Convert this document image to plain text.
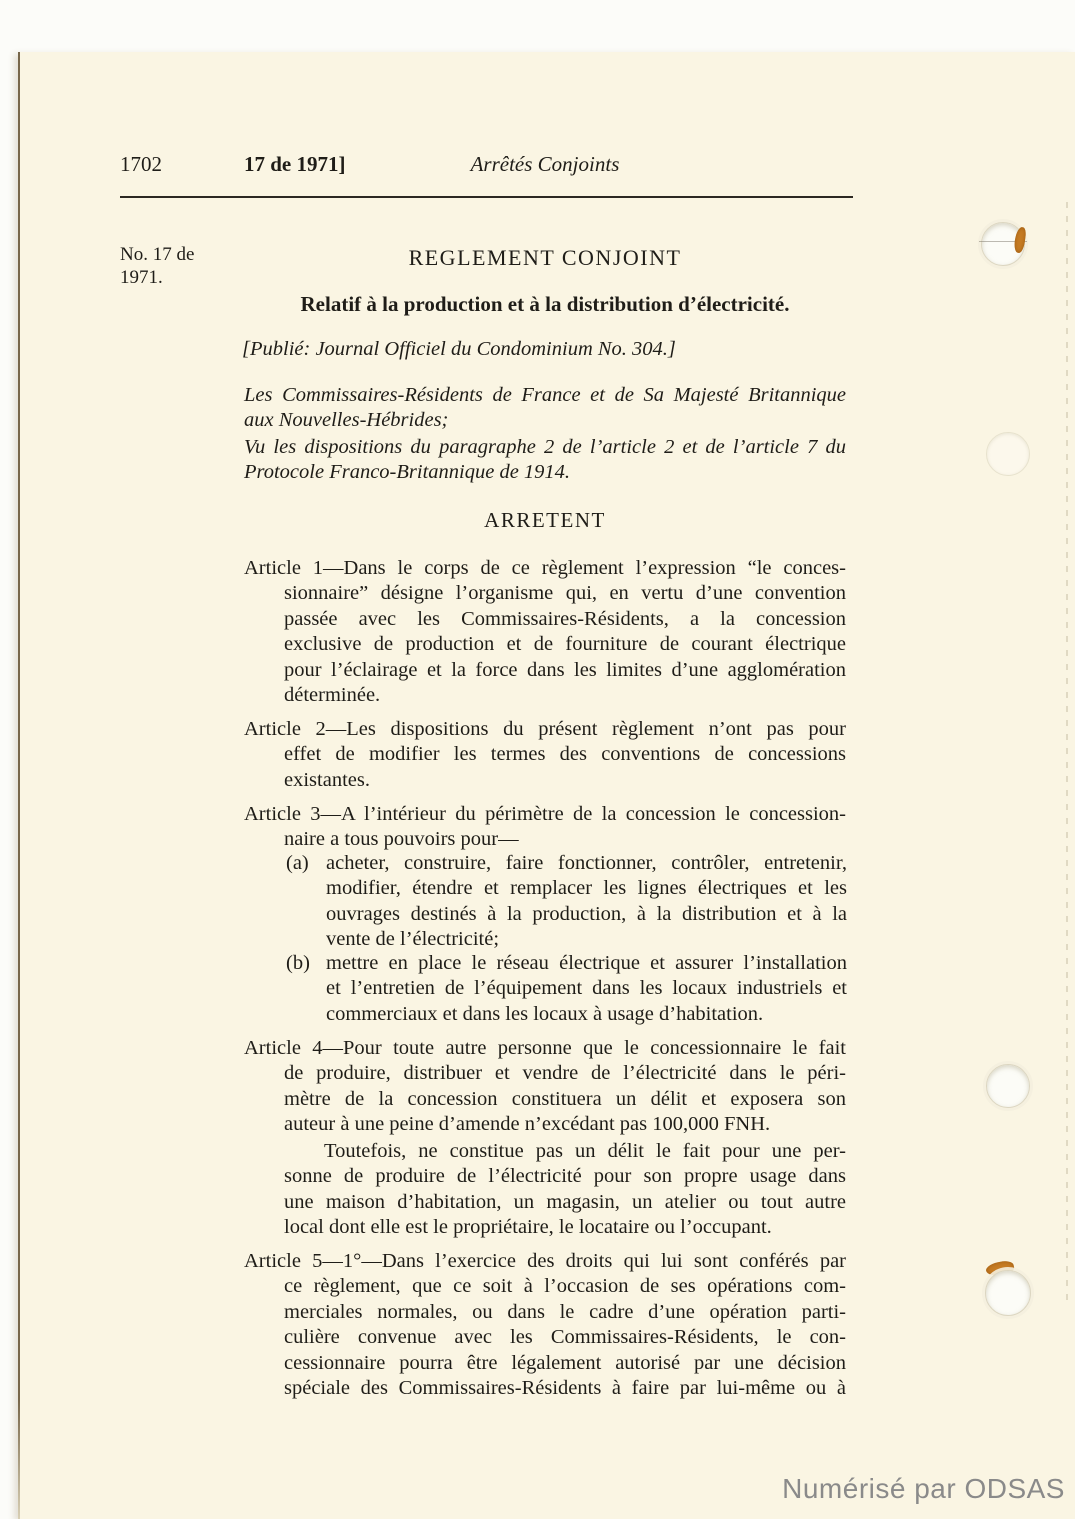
1702	17 de 1971]	Arrêtés Conjoints
No. 17 de
1971.
REGLEMENT CONJOINT
Relatif à la production et à la distribution d’électricité.
[Publié: Journal Officiel du Condominium No. 304.]
Les Commissaires-Résidents de France et de Sa Majesté Britannique
aux Nouvelles-Hébrides;
Vu les dispositions du paragraphe 2 de l’article 2 et de l’article 7 du
Protocole Franco-Britannique de 1914.
ARRETENT
Article 1—Dans le corps de ce règlement l’expression “le conces-
sionnaire” désigne l’organisme qui, en vertu d’une convention
passée avec les Commissaires-Résidents, a la concession
exclusive de production et de fourniture de courant électrique
pour l’éclairage et la force dans les limites d’une agglomération
déterminée.
Article 2—Les dispositions du présent règlement n’ont pas pour
effet de modifier les termes des conventions de concessions
existantes.
Article 3—A l’intérieur du périmètre de la concession le concession-
naire a tous pouvoirs pour—
(a) acheter, construire, faire fonctionner, contrôler, entretenir,
modifier, étendre et remplacer les lignes électriques et les
ouvrages destinés à la production, à la distribution et à la
vente de l’électricité;
(b) mettre en place le réseau électrique et assurer l’installation
et l’entretien de l’équipement dans les locaux industriels et
commerciaux et dans les locaux à usage d’habitation.
Article 4—Pour toute autre personne que le concessionnaire le fait
de produire, distribuer et vendre de l’électricité dans le péri-
mètre de la concession constituera un délit et exposera son
auteur à une peine d’amende n’excédant pas 100,000 FNH.
Toutefois, ne constitue pas un délit le fait pour une per-
sonne de produire de l’électricité pour son propre usage dans
une maison d’habitation, un magasin, un atelier ou tout autre
local dont elle est le propriétaire, le locataire ou l’occupant.
Article 5—1°—Dans l’exercice des droits qui lui sont conférés par
ce règlement, que ce soit à l’occasion de ses opérations com-
merciales normales, ou dans le cadre d’une opération parti-
culière convenue avec les Commissaires-Résidents, le con-
cessionnaire pourra être légalement autorisé par une décision
spéciale des Commissaires-Résidents à faire par lui-même ou à
Numérisé par ODSAS
